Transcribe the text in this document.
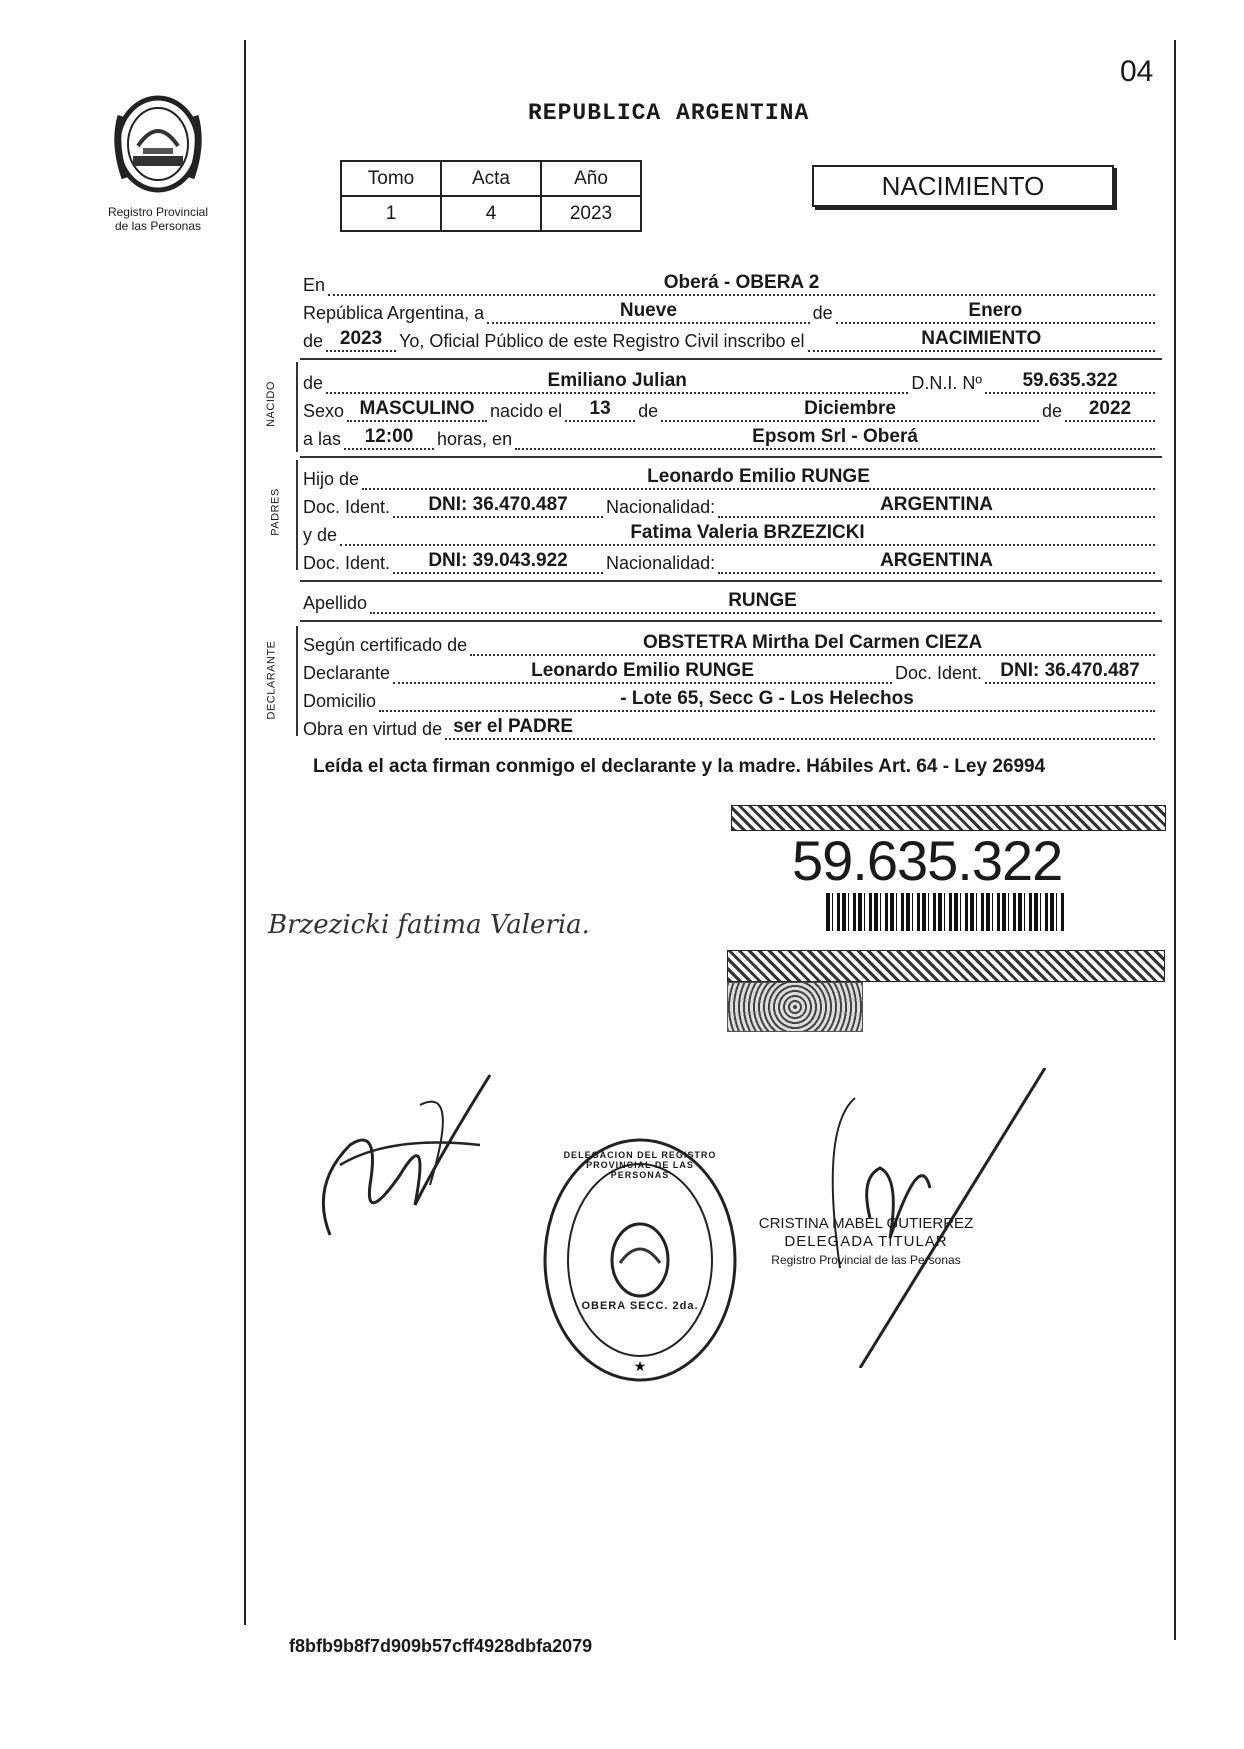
Registro Provincial
de las Personas
04
REPUBLICA ARGENTINA
Tomo	Acta	Año
1	4	2023
NACIMIENTO
En	Oberá - OBERA 2
República Argentina, a	Nueve	de	Enero
de 2023 Yo, Oficial Público de este Registro Civil inscribo el	NACIMIENTO
NACIDO de	Emiliano Julian	D.N.I. Nº	59.635.322
Sexo MASCULINO nacido el	13	de	Diciembre	de	2022
a las	12:00	horas, en	Epsom Srl - Oberá
PADRES
Hijo de	Leonardo Emilio RUNGE
Doc. Ident.	DNI: 36.470.487	Nacionalidad:	ARGENTINA
y de	Fatima Valeria BRZEZICKI
Doc. Ident.	DNI: 39.043.922	Nacionalidad:	ARGENTINA
Apellido	RUNGE
DECLARANTE Según certificado de	OBSTETRA Mirtha Del Carmen CIEZA
Declarante	Leonardo Emilio RUNGE	Doc. Ident. DNI: 36.470.487
Domicilio	- Lote 65, Secc G - Los Helechos
Obra en virtud de ser el PADRE
Leída el acta firman conmigo el declarante y la madre. Hábiles Art. 64 - Ley 26994
59.635.322
Brzezicki fatima Valeria.
★
DELEGACION DEL REGISTRO PROVINCIAL DE LAS PERSONAS
OBERA SECC. 2da.
CRISTINA MABEL GUTIERREZ
DELEGADA TITULAR
Registro Provincial de las Personas
f8bfb9b8f7d909b57cff4928dbfa2079
